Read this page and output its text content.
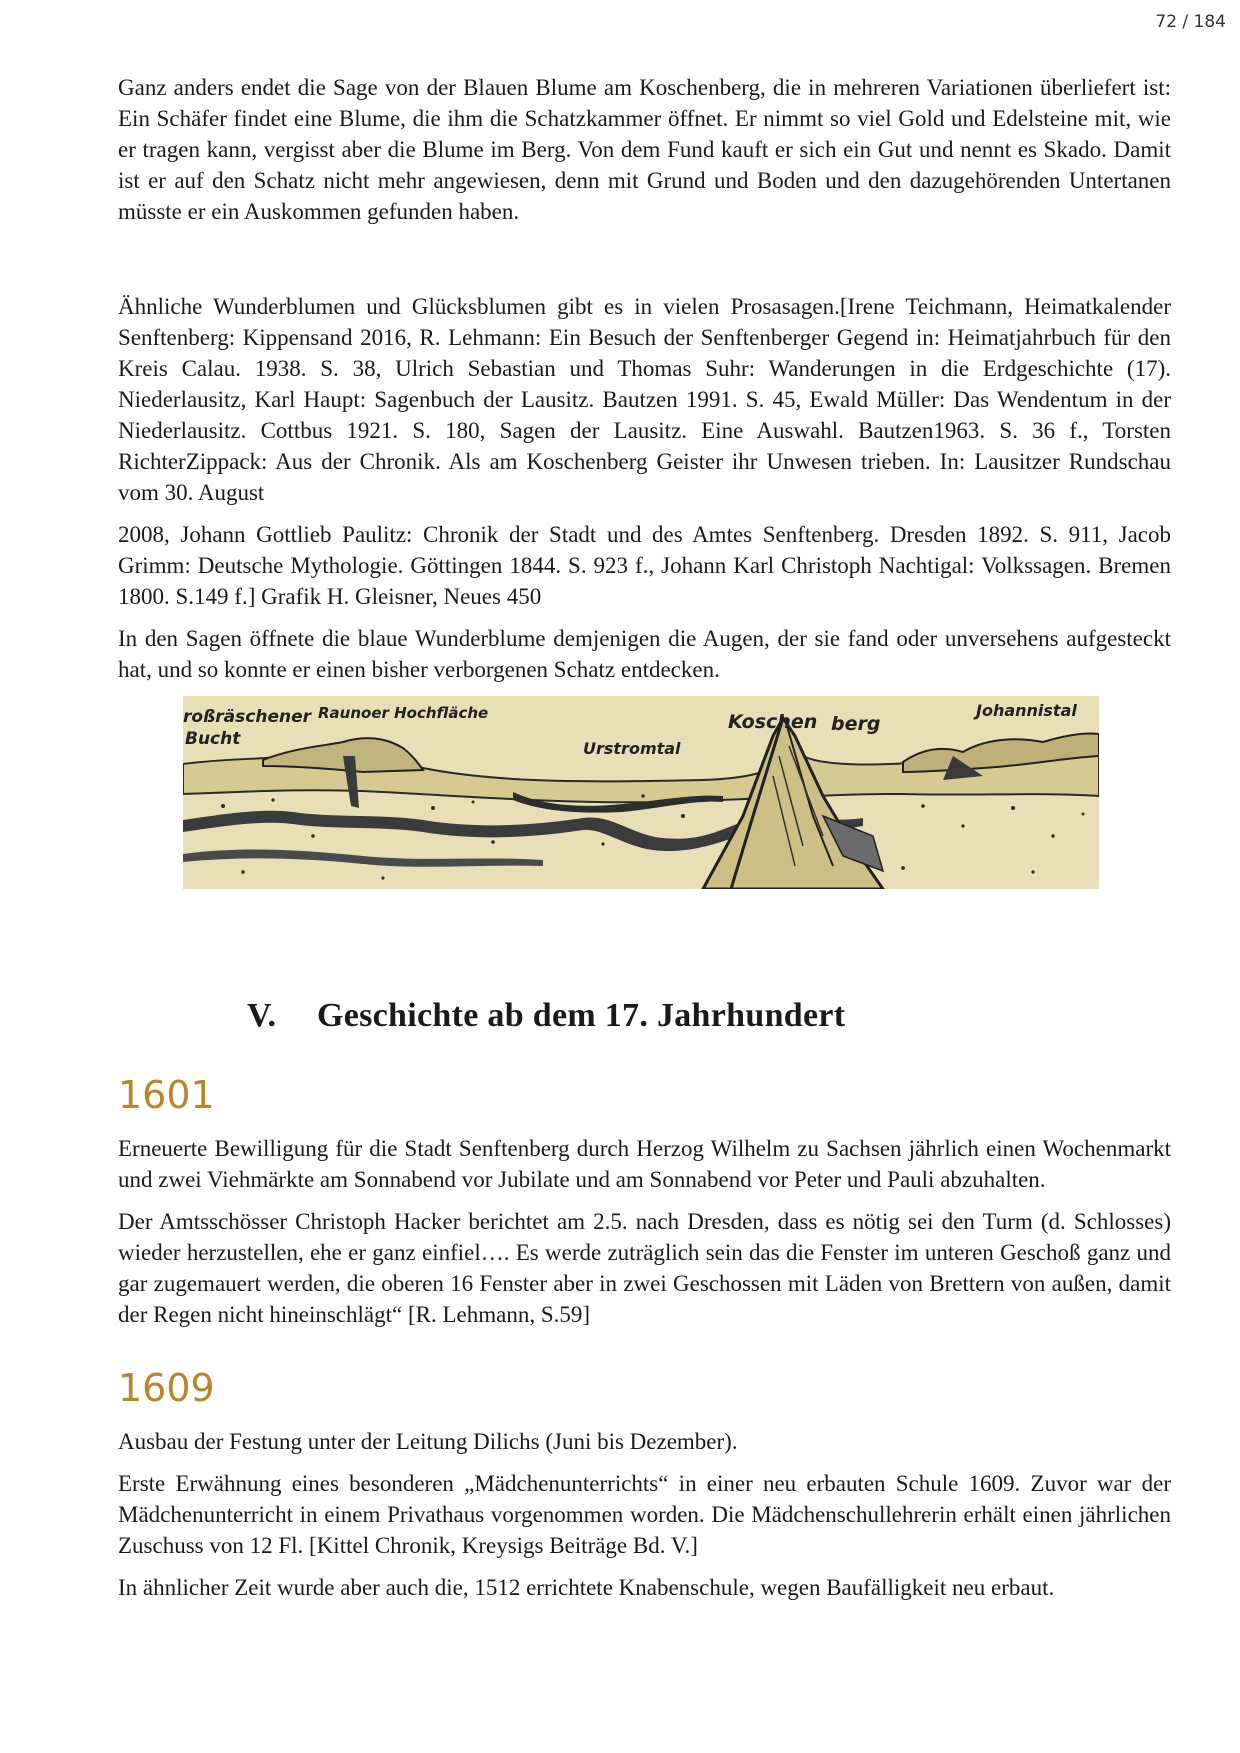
72 / 184

Ganz anders endet die Sage von der Blauen Blume am Koschenberg, die in mehreren Variationen überliefert ist: Ein Schäfer findet eine Blume, die ihm die Schatzkammer öffnet. Er nimmt so viel Gold und Edelsteine mit, wie er tragen kann, vergisst aber die Blume im Berg. Von dem Fund kauft er sich ein Gut und nennt es Skado. Damit ist er auf den Schatz nicht mehr angewiesen, denn mit Grund und Boden und den dazugehörenden Untertanen müsste er ein Auskommen gefunden haben.

Ähnliche Wunderblumen und Glücksblumen gibt es in vielen Prosasagen.[Irene Teichmann, Heimatkalender Senftenberg: Kippensand 2016, R. Lehmann: Ein Besuch der Senftenberger Gegend in: Heimatjahrbuch für den Kreis Calau. 1938. S. 38, Ulrich Sebastian und Thomas Suhr: Wanderungen in die Erdgeschichte (17). Niederlausitz, Karl Haupt: Sagenbuch der Lausitz. Bautzen 1991. S. 45, Ewald Müller: Das Wendentum in der Niederlausitz. Cottbus 1921. S. 180, Sagen der Lausitz. Eine Auswahl. Bautzen1963. S. 36 f., Torsten RichterZippack: Aus der Chronik. Als am Koschenberg Geister ihr Unwesen trieben. In: Lausitzer Rundschau vom 30. August

2008, Johann Gottlieb Paulitz: Chronik der Stadt und des Amtes Senftenberg. Dresden 1892. S. 911, Jacob Grimm: Deutsche Mythologie. Göttingen 1844. S. 923 f., Johann Karl Christoph Nachtigal: Volkssagen. Bremen 1800. S.149 f.] Grafik H. Gleisner, Neues 450

In den Sagen öffnete die blaue Wunderblume demjenigen die Augen, der sie fand oder unversehens aufgesteckt hat, und so konnte er einen bisher verborgenen Schatz entdecken.

roßräschener
Bucht
Raunoer Hochfläche
Urstromtal
Koschen berg
Johannistal
V. Geschichte ab dem 17. Jahrhundert
1601

Erneuerte Bewilligung für die Stadt Senftenberg durch Herzog Wilhelm zu Sachsen jährlich einen Wochenmarkt und zwei Viehmärkte am Sonnabend vor Jubilate und am Sonnabend vor Peter und Pauli abzuhalten.

Der Amtsschösser Christoph Hacker berichtet am 2.5. nach Dresden, dass es nötig sei den Turm (d. Schlosses) wieder herzustellen, ehe er ganz einfiel…. Es werde zuträglich sein das die Fenster im unteren Geschoß ganz und gar zugemauert werden, die oberen 16 Fenster aber in zwei Geschossen mit Läden von Brettern von außen, damit der Regen nicht hineinschlägt“ [R. Lehmann, S.59]

1609

Ausbau der Festung unter der Leitung Dilichs (Juni bis Dezember).

Erste Erwähnung eines besonderen „Mädchenunterrichts“ in einer neu erbauten Schule 1609. Zuvor war der Mädchenunterricht in einem Privathaus vorgenommen worden. Die Mädchenschullehrerin erhält einen jährlichen Zuschuss von 12 Fl. [Kittel Chronik, Kreysigs Beiträge Bd. V.]

In ähnlicher Zeit wurde aber auch die, 1512 errichtete Knabenschule, wegen Baufälligkeit neu erbaut.
